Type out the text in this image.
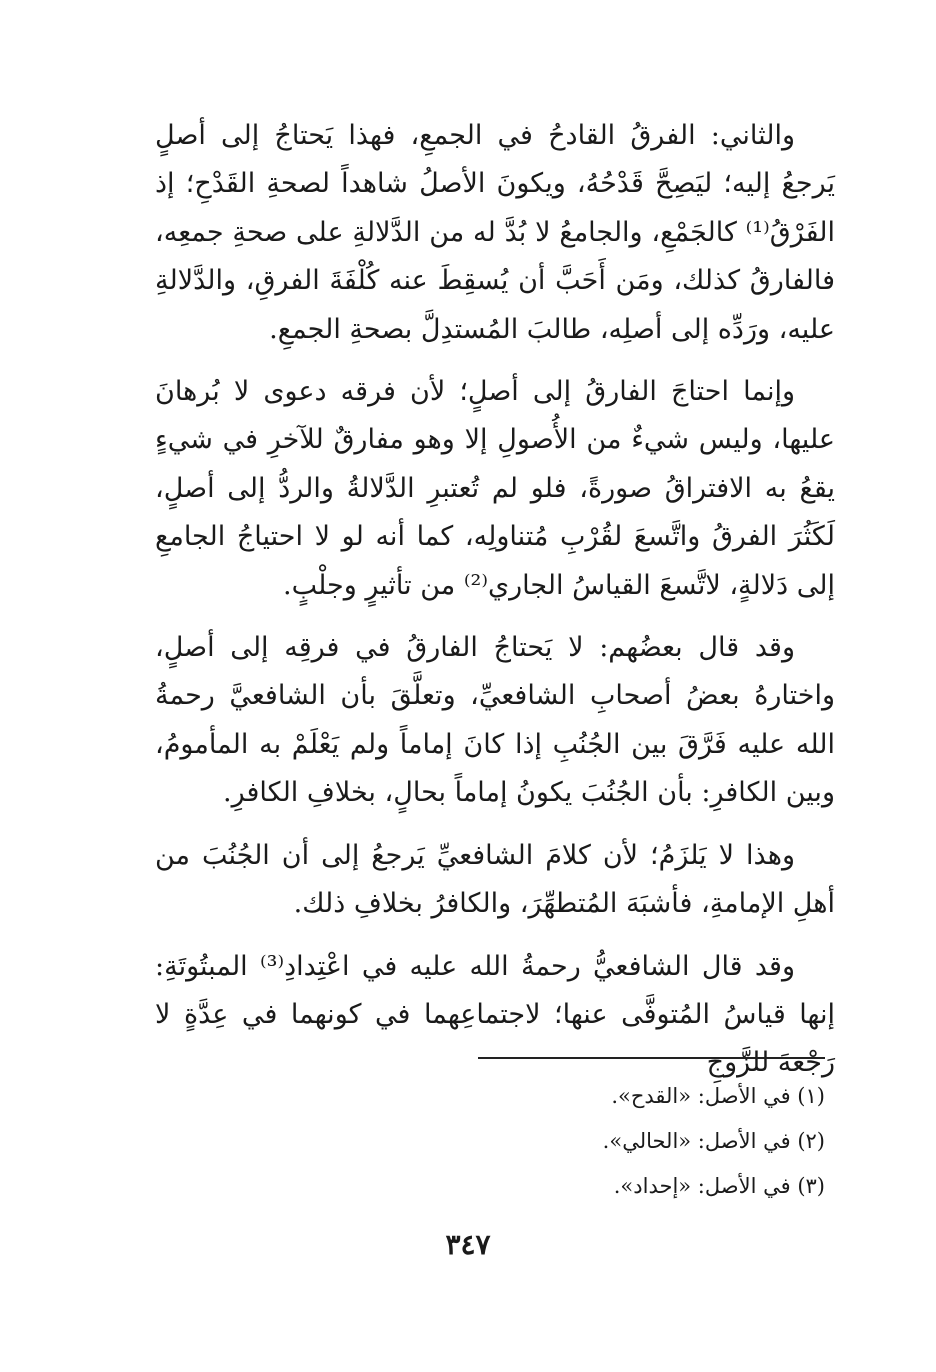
والثاني: الفرقُ القادحُ في الجمعِ، فهذا يَحتاجُ إلى أصلٍ يَرجعُ إليه؛ ليَصِحَّ قَدْحُهُ، ويكونَ الأصلُ شاهداً لصحةِ القَدْحِ؛ إذ الفَرْقُ⁽¹⁾ كالجَمْعِ، والجامعُ لا بُدَّ له من الدَّلالةِ على صحةِ جمعِه، فالفارقُ كذلك، ومَن أَحَبَّ أن يُسقِطَ عنه كُلْفَةَ الفرقِ، والدَّلالةِ عليه، ورَدِّه إلى أصلِه، طالبَ المُستدِلَّ بصحةِ الجمعِ.

وإنما احتاجَ الفارقُ إلى أصلٍ؛ لأن فرقه دعوى لا بُرهانَ عليها، وليس شيءٌ من الأُصولِ إلا وهو مفارقٌ للآخرِ في شيءٍ يقعُ به الافتراقُ صورةً، فلو لم تُعتبرِ الدَّلالةُ والردُّ إلى أصلٍ، لَكَثُرَ الفرقُ واتَّسعَ لقُرْبِ مُتناولِه، كما أنه لو لا احتياجُ الجامعِ إلى دَلالةٍ، لاتَّسعَ القياسُ الجاري⁽²⁾ من تأثيرٍ وجلْبٍ.

وقد قال بعضُهم: لا يَحتاجُ الفارقُ في فرقِه إلى أصلٍ، واختارهُ بعضُ أصحابِ الشافعيِّ، وتعلَّقَ بأن الشافعيَّ رحمةُ الله عليه فَرَّقَ بين الجُنُبِ إذا كانَ إماماً ولم يَعْلَمْ به المأمومُ، وبين الكافرِ: بأن الجُنُبَ يكونُ إماماً بحالٍ، بخلافِ الكافرِ.

وهذا لا يَلزَمُ؛ لأن كلامَ الشافعيِّ يَرجعُ إلى أن الجُنُبَ من أهلِ الإمامةِ، فأشبَهَ المُتطهِّرَ، والكافرُ بخلافِ ذلك.

وقد قال الشافعيُّ رحمةُ الله عليه في اعْتِدادِ⁽³⁾ المبتُوتَةِ: إنها قياسُ المُتوفَّى عنها؛ لاجتماعِهما في كونهما في عِدَّةٍ لا رَجْعةَ للزَّوجِ

(١) في الأصل: «القدح».

(٢) في الأصل: «الحالي».

(٣) في الأصل: «إحداد».

٣٤٧
